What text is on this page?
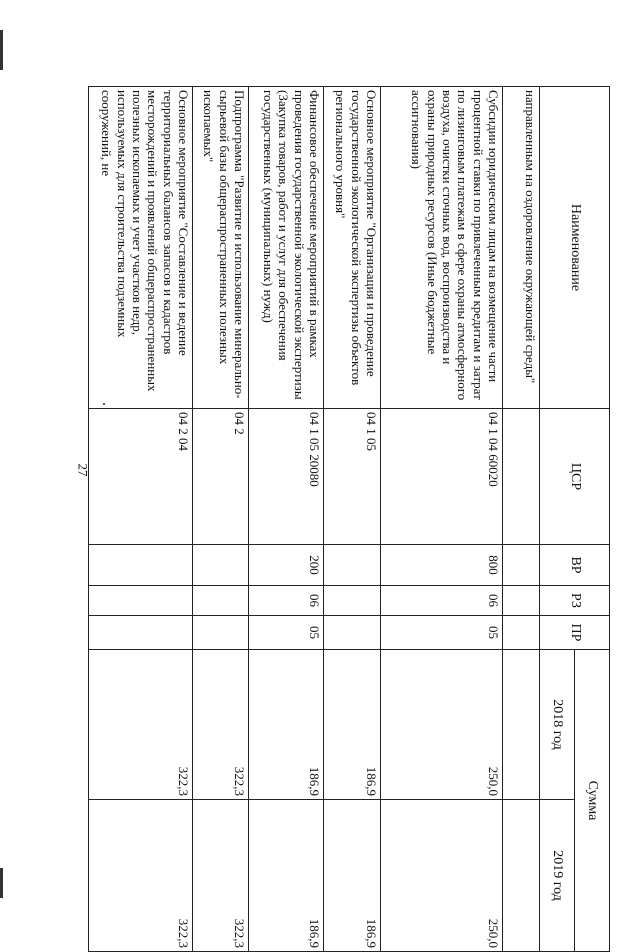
27
Наименование	ЦСР	ВР	РЗ	ПР	Сумма	
					2018 год	2019 год
направленным на оздоровление окружающей среды"						
Субсидии юридическим лицам на возмещение части процентной ставки по привлеченным кредитам и затрат по лизинговым платежам в сфере охраны атмосферного воздуха, очистки сточных вод, воспроизводства и охраны природных ресурсов (Иные бюджетные ассигнования)	04 1 04 60020	800	06	05	250,0	250,0
Основное мероприятие "Организация и проведение государственной экологической экспертизы объектов регионального уровня"	04 1 05				186,9	186,9
Финансовое обеспечение мероприятий в рамках проведения государственной экологической экспертизы (Закупка товаров, работ и услуг для обеспечения государственных (муниципальных) нужд)	04 1 05 20080	200	06	05	186,9	186,9
Подпрограмма "Развитие и использование минерально-сырьевой базы общераспространенных полезных ископаемых"	04 2				322,3	322,3
Основное мероприятие "Составление и ведение территориальных балансов запасов и кадастров месторождений и проявлений общераспространенных полезных ископаемых и учет участков недр, используемых для строительства подземных сооружений, не	04 2 04				322,3	322,3
